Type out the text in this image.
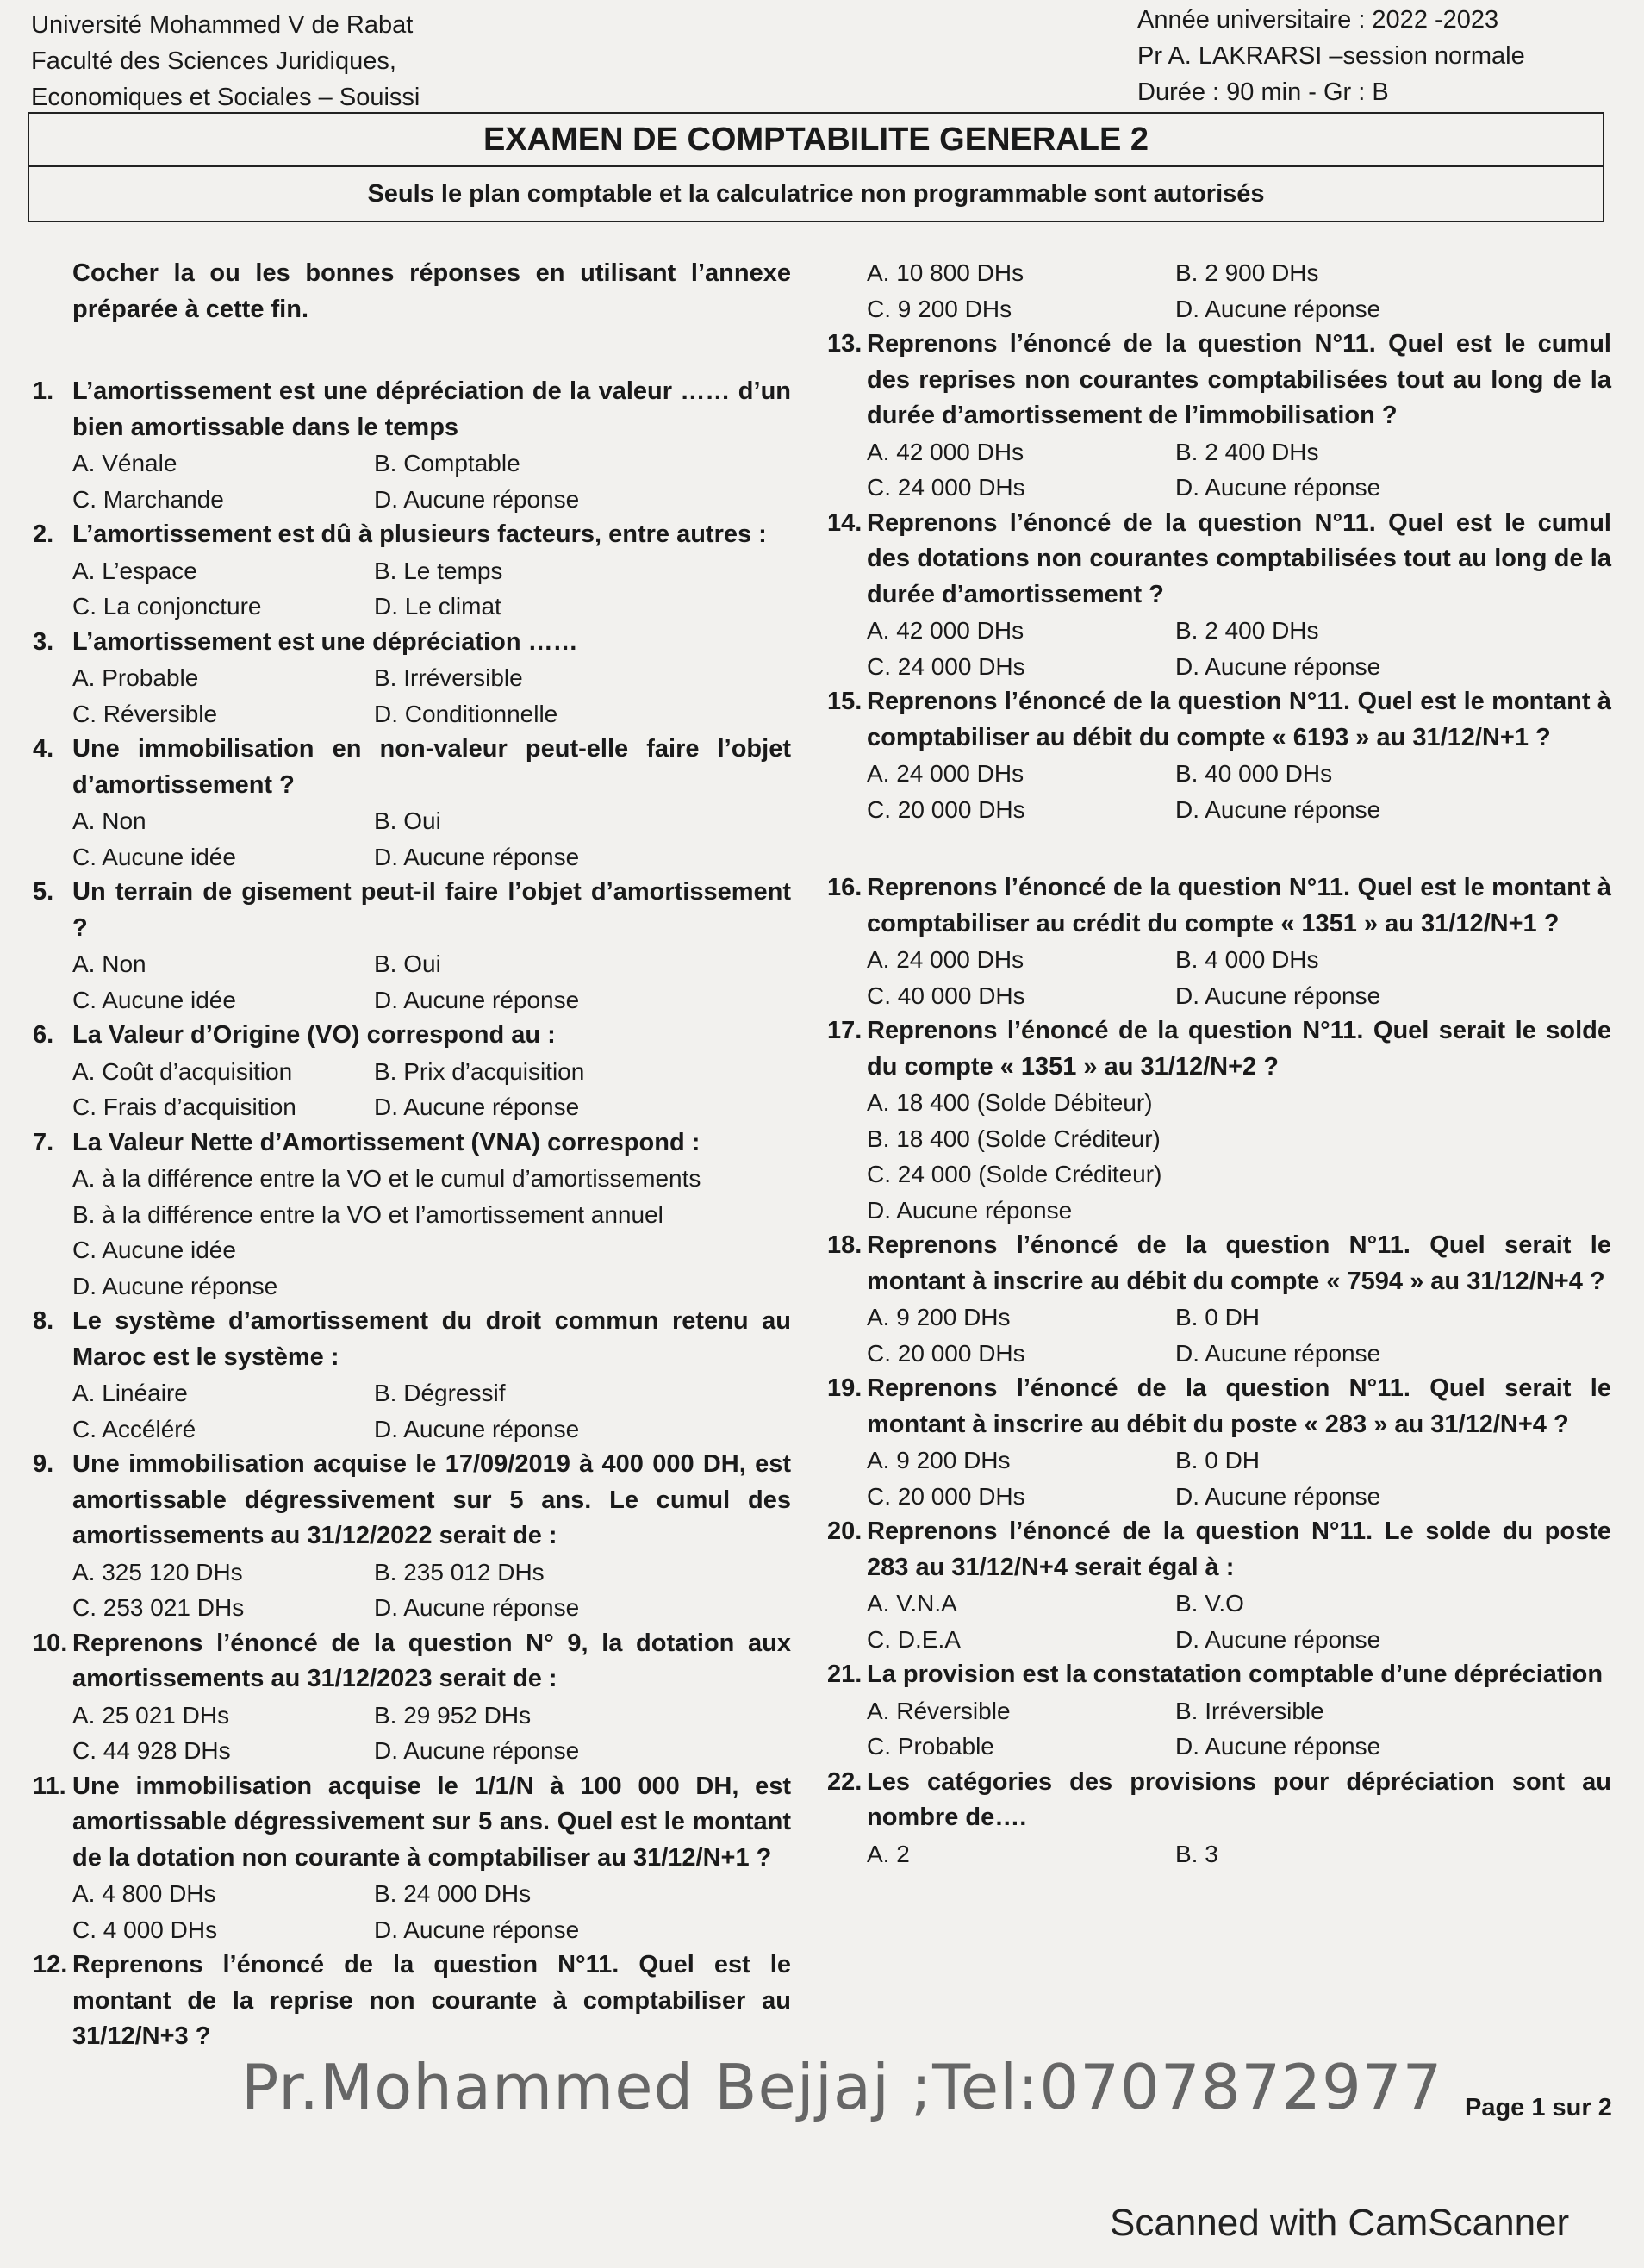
Université Mohammed V de Rabat
Faculté des Sciences Juridiques,
Economiques et Sociales – Souissi
Année universitaire : 2022 -2023
Pr A. LAKRARSI –session normale
Durée : 90 min - Gr : B
EXAMEN DE COMPTABILITE GENERALE 2
Seuls le plan comptable et la calculatrice non programmable sont autorisés
Cocher la ou les bonnes réponses en utilisant l’annexe préparée à cette fin.
1. L’amortissement est une dépréciation de la valeur …… d’un bien amortissable dans le temps
A. Vénale	B. Comptable
C. Marchande	D. Aucune réponse
2. L’amortissement est dû à plusieurs facteurs, entre autres :
A. L’espace	B. Le temps
C. La conjoncture	D. Le climat
3. L’amortissement est une dépréciation ……
A. Probable	B. Irréversible
C. Réversible	D. Conditionnelle
4. Une immobilisation en non-valeur peut-elle faire l’objet d’amortissement ?
A. Non	B. Oui
C. Aucune idée	D. Aucune réponse
5. Un terrain de gisement peut-il faire l’objet d’amortissement ?
A. Non	B. Oui
C. Aucune idée	D. Aucune réponse
6. La Valeur d’Origine (VO) correspond au :
A. Coût d’acquisition	B. Prix d’acquisition
C. Frais d’acquisition	D. Aucune réponse
7. La Valeur Nette d’Amortissement (VNA) correspond :
A. à la différence entre la VO et le cumul d’amortissements
B. à la différence entre la VO et l’amortissement annuel
C. Aucune idée
D. Aucune réponse
8. Le système d’amortissement du droit commun retenu au Maroc est le système :
A. Linéaire	B. Dégressif
C. Accéléré	D. Aucune réponse
9. Une immobilisation acquise le 17/09/2019 à 400 000 DH, est amortissable dégressivement sur 5 ans. Le cumul des amortissements au 31/12/2022 serait de :
A. 325 120 DHs	B. 235 012 DHs
C. 253 021 DHs	D. Aucune réponse
10. Reprenons l’énoncé de la question N° 9, la dotation aux amortissements au 31/12/2023 serait de :
A. 25 021 DHs	B. 29 952 DHs
C. 44 928 DHs	D. Aucune réponse
11. Une immobilisation acquise le 1/1/N à 100 000 DH, est amortissable dégressivement sur 5 ans. Quel est le montant de la dotation non courante à comptabiliser au 31/12/N+1 ?
A. 4 800 DHs	B. 24 000 DHs
C. 4 000 DHs	D. Aucune réponse
12. Reprenons l’énoncé de la question N°11. Quel est le montant de la reprise non courante à comptabiliser au 31/12/N+3 ?
A. 10 800 DHs	B. 2 900 DHs
C. 9 200 DHs	D. Aucune réponse
13. Reprenons l’énoncé de la question N°11. Quel est le cumul des reprises non courantes comptabilisées tout au long de la durée d’amortissement de l’immobilisation ?
A. 42 000 DHs	B. 2 400 DHs
C. 24 000 DHs	D. Aucune réponse
14. Reprenons l’énoncé de la question N°11. Quel est le cumul des dotations non courantes comptabilisées tout au long de la durée d’amortissement ?
A. 42 000 DHs	B. 2 400 DHs
C. 24 000 DHs	D. Aucune réponse
15. Reprenons l’énoncé de la question N°11. Quel est le montant à comptabiliser au débit du compte « 6193 » au 31/12/N+1 ?
A. 24 000 DHs	B. 40 000 DHs
C. 20 000 DHs	D. Aucune réponse
16. Reprenons l’énoncé de la question N°11. Quel est le montant à comptabiliser au crédit du compte « 1351 » au 31/12/N+1 ?
A. 24 000 DHs	B. 4 000 DHs
C. 40 000 DHs	D. Aucune réponse
17. Reprenons l’énoncé de la question N°11. Quel serait le solde du compte « 1351 » au 31/12/N+2 ?
A. 18 400 (Solde Débiteur)
B. 18 400 (Solde Créditeur)
C. 24 000 (Solde Créditeur)
D. Aucune réponse
18. Reprenons l’énoncé de la question N°11. Quel serait le montant à inscrire au débit du compte « 7594 » au 31/12/N+4 ?
A. 9 200 DHs	B. 0 DH
C. 20 000 DHs	D. Aucune réponse
19. Reprenons l’énoncé de la question N°11. Quel serait le montant à inscrire au débit du poste « 283 » au 31/12/N+4 ?
A. 9 200 DHs	B. 0 DH
C. 20 000 DHs	D. Aucune réponse
20. Reprenons l’énoncé de la question N°11. Le solde du poste 283 au 31/12/N+4 serait égal à :
A. V.N.A	B. V.O
C. D.E.A	D. Aucune réponse
21. La provision est la constatation comptable d’une dépréciation
A. Réversible	B. Irréversible
C. Probable	D. Aucune réponse
22. Les catégories des provisions pour dépréciation sont au nombre de….
A. 2	B. 3
Pr.Mohammed Bejjaj ;Tel:0707872977 Page 1 sur 2
Scanned with CamScanner
